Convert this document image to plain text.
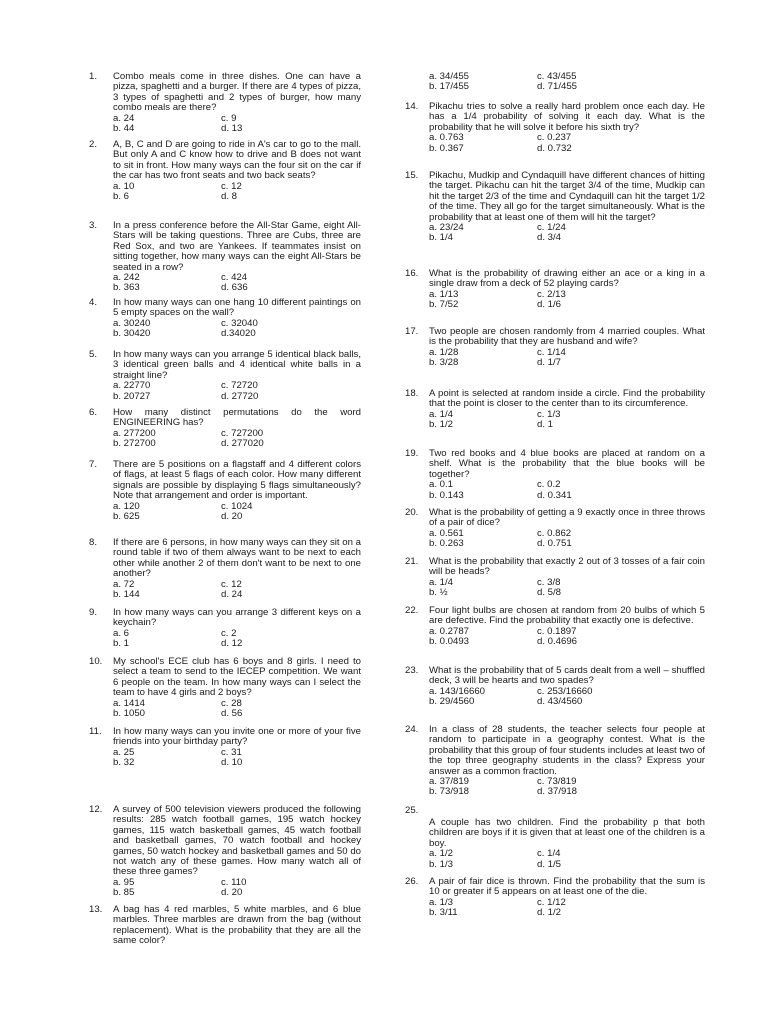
1. Combo meals come in three dishes. One can have a pizza, spaghetti and a burger. If there are 4 types of pizza, 3 types of spaghetti and 2 types of burger, how many combo meals are there?
a. 24	c. 9
b. 44	d. 13
2. A, B, C and D are going to ride in A's car to go to the mall. But only A and C know how to drive and B does not want to sit in front. How many ways can the four sit on the car if the car has two front seats and two back seats?
a. 10	c. 12
b. 6	d. 8
3. In a press conference before the All-Star Game, eight All-Stars will be taking questions. Three are Cubs, three are Red Sox, and two are Yankees. If teammates insist on sitting together, how many ways can the eight All-Stars be seated in a row?
a. 242	c. 424
b. 363	d. 636
4. In how many ways can one hang 10 different paintings on 5 empty spaces on the wall?
a. 30240	c. 32040
b. 30420	d.34020
5. In how many ways can you arrange 5 identical black balls, 3 identical green balls and 4 identical white balls in a straight line?
a. 22770	c. 72720
b. 20727	d. 27720
6. How many distinct permutations do the word ENGINEERING has?
a. 277200	c. 727200
b. 272700	d. 277020
7. There are 5 positions on a flagstaff and 4 different colors of flags, at least 5 flags of each color. How many different signals are possible by displaying 5 flags simultaneously? Note that arrangement and order is important.
a. 120	c. 1024
b. 625	d. 20
8. If there are 6 persons, in how many ways can they sit on a round table if two of them always want to be next to each other while another 2 of them don't want to be next to one another?
a. 72	c. 12
b. 144	d. 24
9. In how many ways can you arrange 3 different keys on a keychain?
a. 6	c. 2
b. 1	d. 12
10. My school's ECE club has 6 boys and 8 girls. I need to select a team to send to the IECEP competition. We want 6 people on the team. In how many ways can I select the team to have 4 girls and 2 boys?
a. 1414	c. 28
b. 1050	d. 56
11. In how many ways can you invite one or more of your five friends into your birthday party?
a. 25	c. 31
b. 32	d. 10
12. A survey of 500 television viewers produced the following results: 285 watch football games, 195 watch hockey games, 115 watch basketball games, 45 watch football and basketball games, 70 watch football and hockey games, 50 watch hockey and basketball games and 50 do not watch any of these games. How many watch all of these three games?
a. 95	c. 110
b. 85	d. 20
13. A bag has 4 red marbles, 5 white marbles, and 6 blue marbles. Three marbles are drawn from the bag (without replacement). What is the probability that they are all the same color?
a. 34/455	c. 43/455
b. 17/455	d. 71/455
14. Pikachu tries to solve a really hard problem once each day. He has a 1/4 probability of solving it each day. What is the probability that he will solve it before his sixth try?
a. 0.763	c. 0.237
b. 0.367	d. 0.732
15. Pikachu, Mudkip and Cyndaquill have different chances of hitting the target. Pikachu can hit the target 3/4 of the time, Mudkip can hit the target 2/3 of the time and Cyndaquill can hit the target 1/2 of the time. They all go for the target simultaneously. What is the probability that at least one of them will hit the target?
a. 23/24	c. 1/24
b. 1/4	d. 3/4
16. What is the probability of drawing either an ace or a king in a single draw from a deck of 52 playing cards?
a. 1/13	c. 2/13
b. 7/52	d. 1/6
17. Two people are chosen randomly from 4 married couples. What is the probability that they are husband and wife?
a. 1/28	c. 1/14
b. 3/28	d. 1/7
18. A point is selected at random inside a circle. Find the probability that the point is closer to the center than to its circumference.
a. 1/4	c. 1/3
b. 1/2	d. 1
19. Two red books and 4 blue books are placed at random on a shelf. What is the probability that the blue books will be together?
a. 0.1	c. 0.2
b. 0.143	d. 0.341
20. What is the probability of getting a 9 exactly once in three throws of a pair of dice?
a. 0.561	c. 0.862
b. 0.263	d. 0.751
21. What is the probability that exactly 2 out of 3 tosses of a fair coin will be heads?
a. 1/4	c. 3/8
b. ½	d. 5/8
22. Four light bulbs are chosen at random from 20 bulbs of which 5 are defective. Find the probability that exactly one is defective.
a. 0.2787	c. 0.1897
b. 0.0493	d. 0.4696
23. What is the probability that of 5 cards dealt from a well – shuffled deck, 3 will be hearts and two spades?
a. 143/16660	c. 253/16660
b. 29/4560	d. 43/4560
24. In a class of 28 students, the teacher selects four people at random to participate in a geography contest. What is the probability that this group of four students includes at least two of the top three geography students in the class? Express your answer as a common fraction.
a. 37/819	c. 73/819
b. 73/918	d. 37/918
25.
A couple has two children. Find the probability p that both children are boys if it is given that at least one of the children is a boy.
a. 1/2	c. 1/4
b. 1/3	d. 1/5
26. A pair of fair dice is thrown. Find the probability that the sum is 10 or greater if 5 appears on at least one of the die.
a. 1/3	c. 1/12
b. 3/11	d. 1/2
